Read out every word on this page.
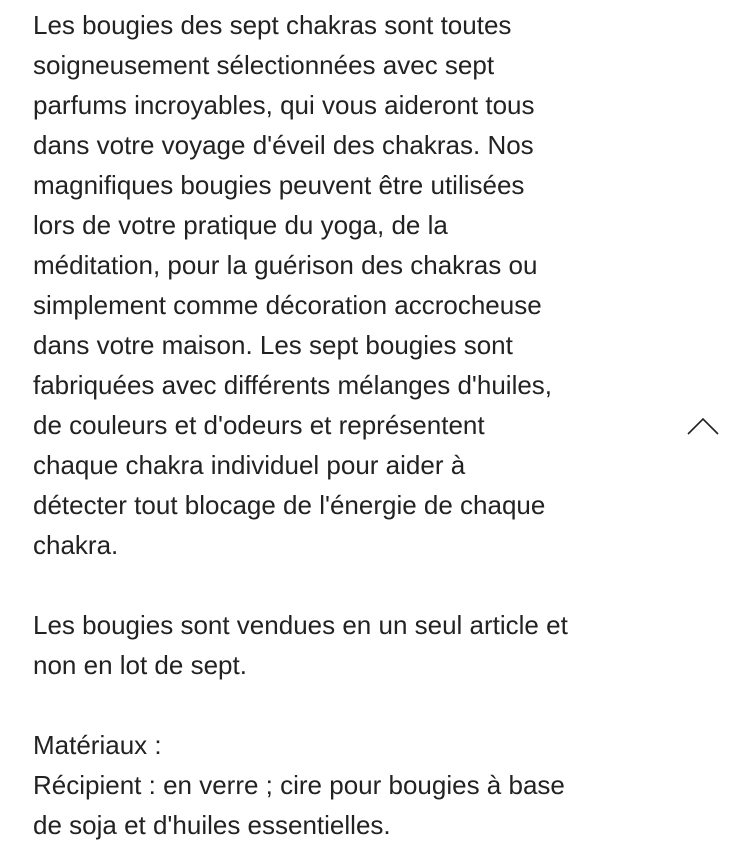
Les bougies des sept chakras sont toutes
soigneusement sélectionnées avec sept
parfums incroyables, qui vous aideront tous
dans votre voyage d'éveil des chakras. Nos
magnifiques bougies peuvent être utilisées
lors de votre pratique du yoga, de la
méditation, pour la guérison des chakras ou
simplement comme décoration accrocheuse
dans votre maison. Les sept bougies sont
fabriquées avec différents mélanges d'huiles,
de couleurs et d'odeurs et représentent
chaque chakra individuel pour aider à
détecter tout blocage de l'énergie de chaque
chakra.
Les bougies sont vendues en un seul article et
non en lot de sept.
Matériaux :
Récipient : en verre ; cire pour bougies à base
de soja et d'huiles essentielles.
